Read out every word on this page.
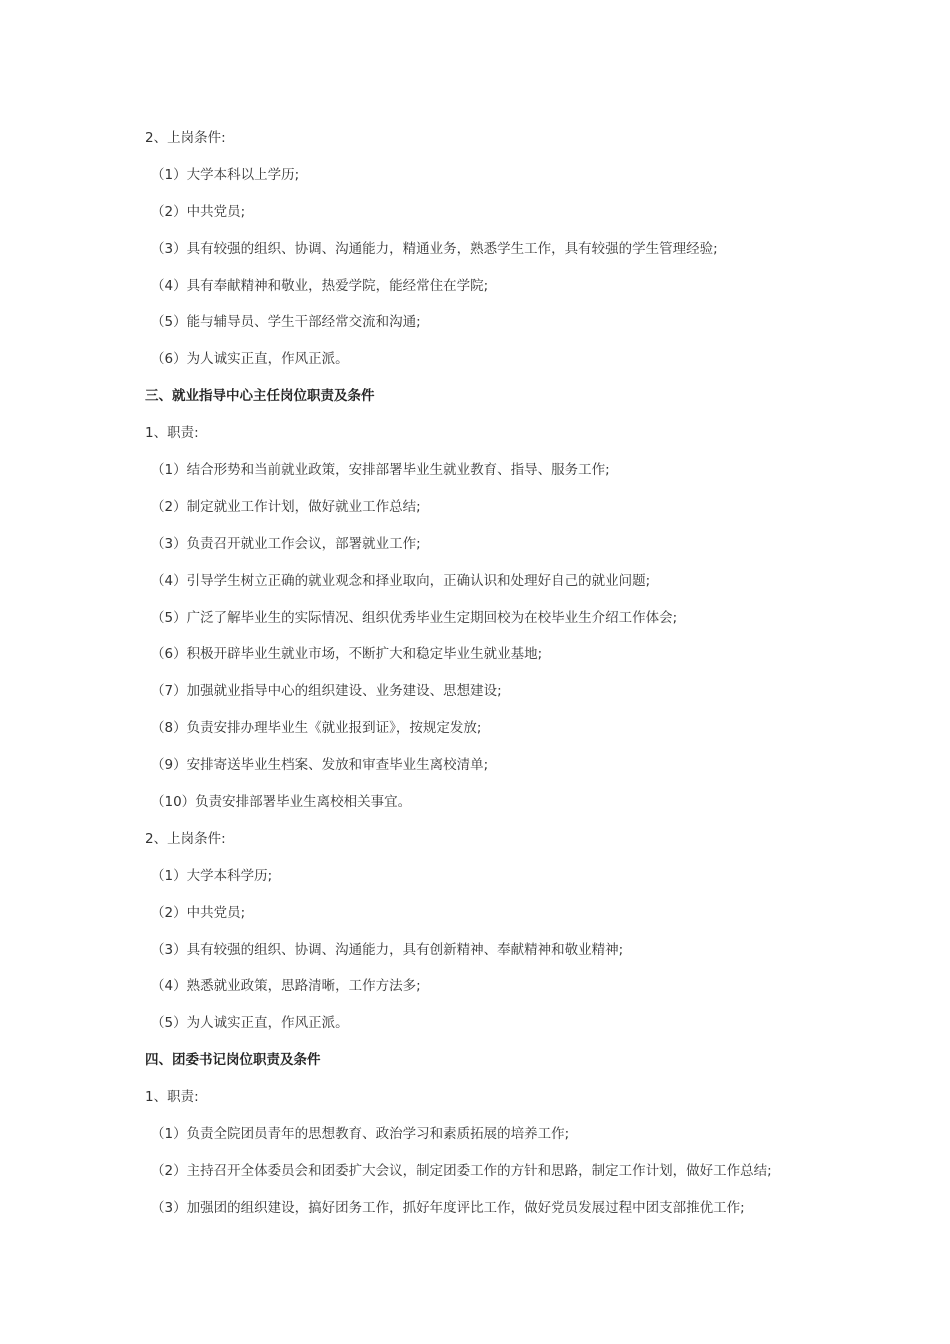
2、上岗条件:
（1）大学本科以上学历;
（2）中共党员;
（3）具有较强的组织、协调、沟通能力，精通业务，熟悉学生工作，具有较强的学生管理经验;
（4）具有奉献精神和敬业，热爱学院，能经常住在学院;
（5）能与辅导员、学生干部经常交流和沟通;
（6）为人诚实正直，作风正派。
三、就业指导中心主任岗位职责及条件
1、职责:
（1）结合形势和当前就业政策，安排部署毕业生就业教育、指导、服务工作;
（2）制定就业工作计划，做好就业工作总结;
（3）负责召开就业工作会议，部署就业工作;
（4）引导学生树立正确的就业观念和择业取向，正确认识和处理好自己的就业问题;
（5）广泛了解毕业生的实际情况、组织优秀毕业生定期回校为在校毕业生介绍工作体会;
（6）积极开辟毕业生就业市场，不断扩大和稳定毕业生就业基地;
（7）加强就业指导中心的组织建设、业务建设、思想建设;
（8）负责安排办理毕业生《就业报到证》，按规定发放;
（9）安排寄送毕业生档案、发放和审查毕业生离校清单;
（10）负责安排部署毕业生离校相关事宜。
2、上岗条件:
（1）大学本科学历;
（2）中共党员;
（3）具有较强的组织、协调、沟通能力，具有创新精神、奉献精神和敬业精神;
（4）熟悉就业政策，思路清晰，工作方法多;
（5）为人诚实正直，作风正派。
四、团委书记岗位职责及条件
1、职责:
（1）负责全院团员青年的思想教育、政治学习和素质拓展的培养工作;
（2）主持召开全体委员会和团委扩大会议，制定团委工作的方针和思路，制定工作计划，做好工作总结;
（3）加强团的组织建设，搞好团务工作，抓好年度评比工作，做好党员发展过程中团支部推优工作;
